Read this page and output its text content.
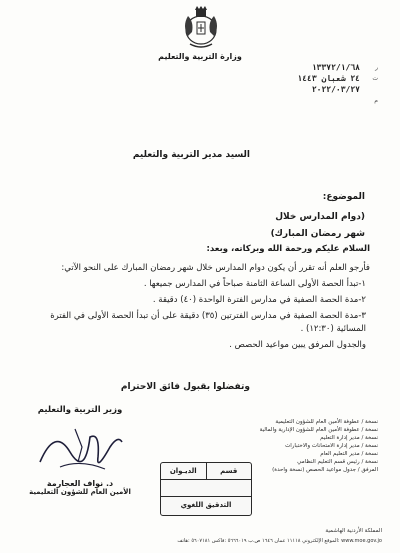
وزارة التربية والتعليم
ر
١٣٣٧٢/١/٦٨
ت
٢٤ شعبان ١٤٤٣
٢٠٢٢/٠٣/٢٧
م
السيد مدير التربية والتعليم
الموضوع:
(دوام المدارس خلال
شهر رمضان المبارك)

السلام عليكم ورحمة الله وبركاته، وبعد:

فأرجو العلم أنه تقرر أن يكون دوام المدارس خلال شهر رمضان المبارك على النحو الآتي:

١-تبدأ الحصة الأولى الساعة الثامنة صباحاً في المدارس جميعها .

٢-مدة الحصة الصفية في مدارس الفترة الواحدة (٤٠) دقيقة .

٣-مدة الحصة الصفية في مدارس الفترتين (٣٥) دقيقة على أن تبدأ الحصة الأولى في الفترة المسائية (١٢:٣٠) .

والجدول المرفق يبين مواعيد الحصص .

وتفضلوا بقبول فائق الاحترام
وزير التربية والتعليم
د. نواف العجارمة
الأمين العام للشؤون التعليمية
قسم
الديـوان
التدقيق اللغوي
نسخة / عطوفة الأمين العام للشؤون التعليمية
نسخة / عطوفة الأمين العام للشؤون الإدارية والمالية
نسخة / مدير إدارة التعليم
نسخة / مدير إدارة الامتحانات والاختبارات
نسخة / مدير التعليم العام
نسخة / رئيس قسم التعليم النظامي
المرفق / جدول مواعيد الحصص (نسخة واحدة)
المملكة الأردنية الهاشمية
www.moe.gov.jo :الموقع الإلكتروني ١١١١٨ عمان ١٦٤٦ ص.ب ٥٦٦٦٠١٩ :فاكس ٥٦٠٧١٨١ :هاتف
